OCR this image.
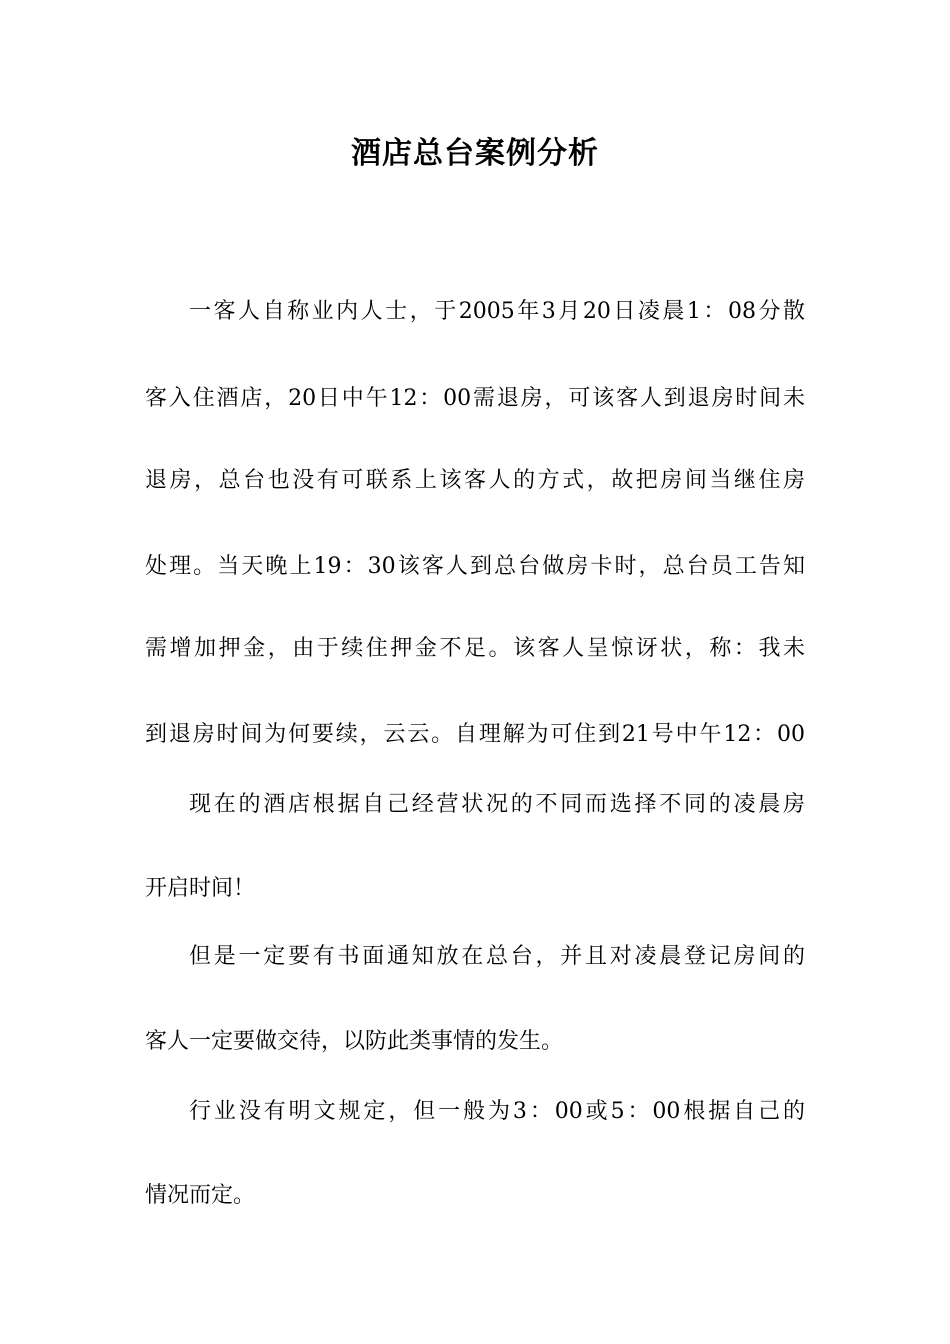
酒店总台案例分析
一客人自称业内人士，于2005年3月20日凌晨1：08分散
客入住酒店，20日中午12：00需退房，可该客人到退房时间未
退房，总台也没有可联系上该客人的方式，故把房间当继住房
处理。当天晚上19：30该客人到总台做房卡时，总台员工告知
需增加押金，由于续住押金不足。该客人呈惊讶状，称：我未
到退房时间为何要续，云云。自理解为可住到21号中午12：00
现在的酒店根据自己经营状况的不同而选择不同的凌晨房
开启时间！
但是一定要有书面通知放在总台，并且对凌晨登记房间的
客人一定要做交待，以防此类事情的发生。
行业没有明文规定，但一般为3：00或5：00根据自己的
情况而定。
